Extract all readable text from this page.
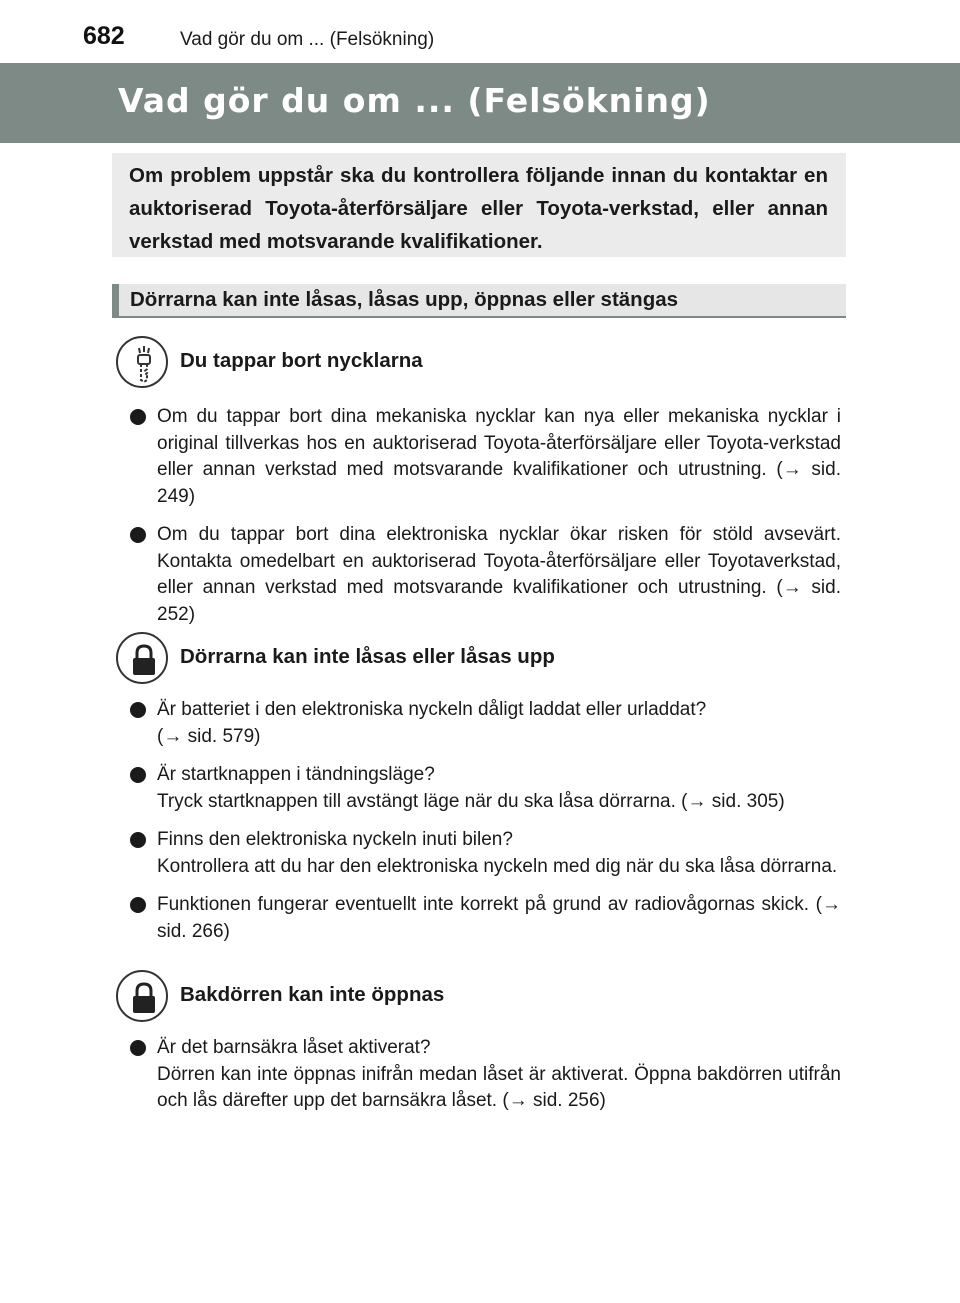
682	Vad gör du om ... (Felsökning)
Vad gör du om ... (Felsökning)
Om problem uppstår ska du kontrollera följande innan du kontaktar en auktoriserad Toyota-återförsäljare eller Toyota-verkstad, eller annan verkstad med motsvarande kvalifikationer.
Dörrarna kan inte låsas, låsas upp, öppnas eller stängas
Du tappar bort nycklarna
Om du tappar bort dina mekaniska nycklar kan nya eller mekaniska nycklar i original tillverkas hos en auktoriserad Toyota-återförsäljare eller Toyota-verkstad eller annan verkstad med motsvarande kvalifikationer och utrustning. (→ sid. 249)
Om du tappar bort dina elektroniska nycklar ökar risken för stöld avsevärt. Kontakta omedelbart en auktoriserad Toyota-återförsäljare eller Toyotaverkstad, eller annan verkstad med motsvarande kvalifikationer och utrustning. (→ sid. 252)
Dörrarna kan inte låsas eller låsas upp
Är batteriet i den elektroniska nyckeln dåligt laddat eller urladdat?
(→ sid. 579)
Är startknappen i tändningsläge?
Tryck startknappen till avstängt läge när du ska låsa dörrarna. (→ sid. 305)
Finns den elektroniska nyckeln inuti bilen?
Kontrollera att du har den elektroniska nyckeln med dig när du ska låsa dörrarna.
Funktionen fungerar eventuellt inte korrekt på grund av radiovågornas skick. (→ sid. 266)
Bakdörren kan inte öppnas
Är det barnsäkra låset aktiverat?
Dörren kan inte öppnas inifrån medan låset är aktiverat. Öppna bakdörren utifrån och lås därefter upp det barnsäkra låset. (→ sid. 256)
